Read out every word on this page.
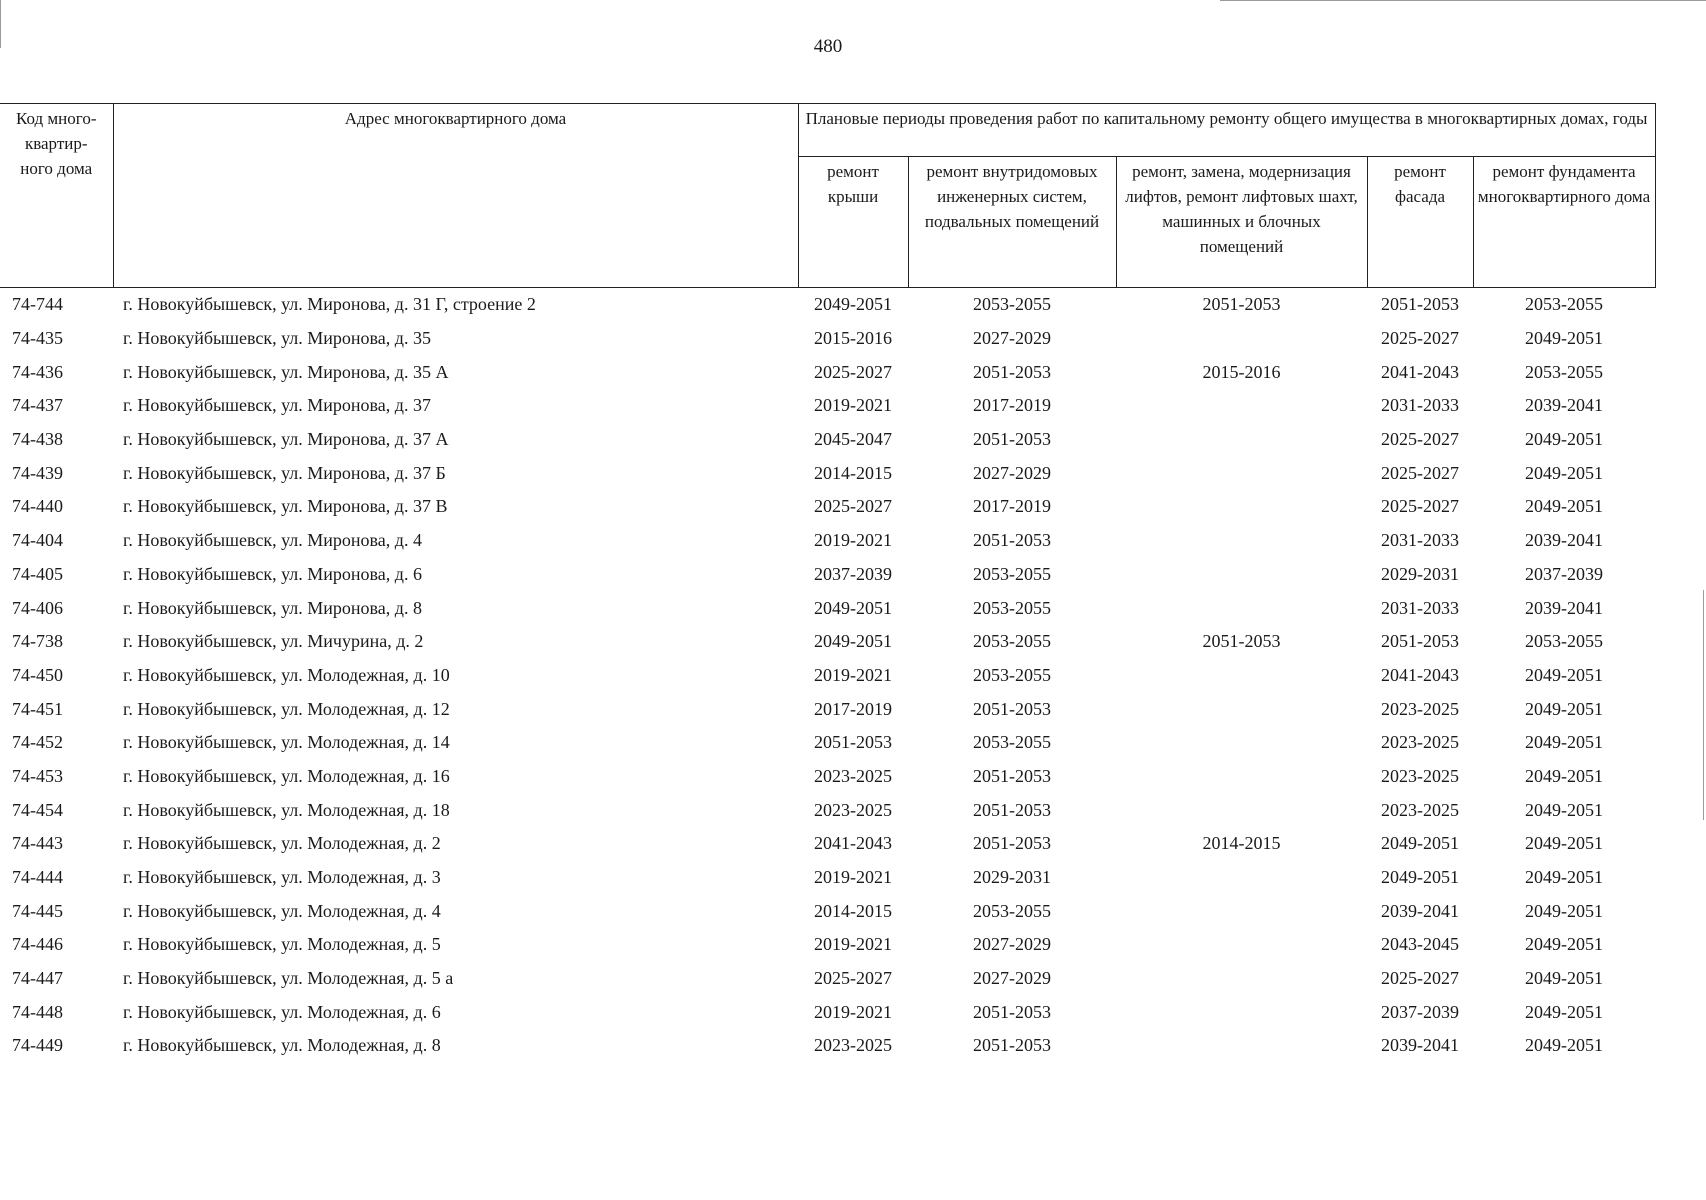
480
Код много-
квартир-
ного дома	Адрес многоквартирного дома	Плановые периоды проведения работ по капитальному ремонту общего имущества в многоквартирных домах, годы				
		ремонт крыши	ремонт внутридомовых инженерных систем, подвальных помещений	ремонт, замена, модернизация лифтов, ремонт лифтовых шахт, машинных и блочных помещений	ремонт фасада	ремонт фундамента многоквартирного дома
74-744	г. Новокуйбышевск, ул. Миронова, д. 31 Г, строение 2	2049-2051	2053-2055	2051-2053	2051-2053	2053-2055
74-435	г. Новокуйбышевск, ул. Миронова, д. 35	2015-2016	2027-2029		2025-2027	2049-2051
74-436	г. Новокуйбышевск, ул. Миронова, д. 35 А	2025-2027	2051-2053	2015-2016	2041-2043	2053-2055
74-437	г. Новокуйбышевск, ул. Миронова, д. 37	2019-2021	2017-2019		2031-2033	2039-2041
74-438	г. Новокуйбышевск, ул. Миронова, д. 37 А	2045-2047	2051-2053		2025-2027	2049-2051
74-439	г. Новокуйбышевск, ул. Миронова, д. 37 Б	2014-2015	2027-2029		2025-2027	2049-2051
74-440	г. Новокуйбышевск, ул. Миронова, д. 37 В	2025-2027	2017-2019		2025-2027	2049-2051
74-404	г. Новокуйбышевск, ул. Миронова, д. 4	2019-2021	2051-2053		2031-2033	2039-2041
74-405	г. Новокуйбышевск, ул. Миронова, д. 6	2037-2039	2053-2055		2029-2031	2037-2039
74-406	г. Новокуйбышевск, ул. Миронова, д. 8	2049-2051	2053-2055		2031-2033	2039-2041
74-738	г. Новокуйбышевск, ул. Мичурина, д. 2	2049-2051	2053-2055	2051-2053	2051-2053	2053-2055
74-450	г. Новокуйбышевск, ул. Молодежная, д. 10	2019-2021	2053-2055		2041-2043	2049-2051
74-451	г. Новокуйбышевск, ул. Молодежная, д. 12	2017-2019	2051-2053		2023-2025	2049-2051
74-452	г. Новокуйбышевск, ул. Молодежная, д. 14	2051-2053	2053-2055		2023-2025	2049-2051
74-453	г. Новокуйбышевск, ул. Молодежная, д. 16	2023-2025	2051-2053		2023-2025	2049-2051
74-454	г. Новокуйбышевск, ул. Молодежная, д. 18	2023-2025	2051-2053		2023-2025	2049-2051
74-443	г. Новокуйбышевск, ул. Молодежная, д. 2	2041-2043	2051-2053	2014-2015	2049-2051	2049-2051
74-444	г. Новокуйбышевск, ул. Молодежная, д. 3	2019-2021	2029-2031		2049-2051	2049-2051
74-445	г. Новокуйбышевск, ул. Молодежная, д. 4	2014-2015	2053-2055		2039-2041	2049-2051
74-446	г. Новокуйбышевск, ул. Молодежная, д. 5	2019-2021	2027-2029		2043-2045	2049-2051
74-447	г. Новокуйбышевск, ул. Молодежная, д. 5 а	2025-2027	2027-2029		2025-2027	2049-2051
74-448	г. Новокуйбышевск, ул. Молодежная, д. 6	2019-2021	2051-2053		2037-2039	2049-2051
74-449	г. Новокуйбышевск, ул. Молодежная, д. 8	2023-2025	2051-2053		2039-2041	2049-2051
